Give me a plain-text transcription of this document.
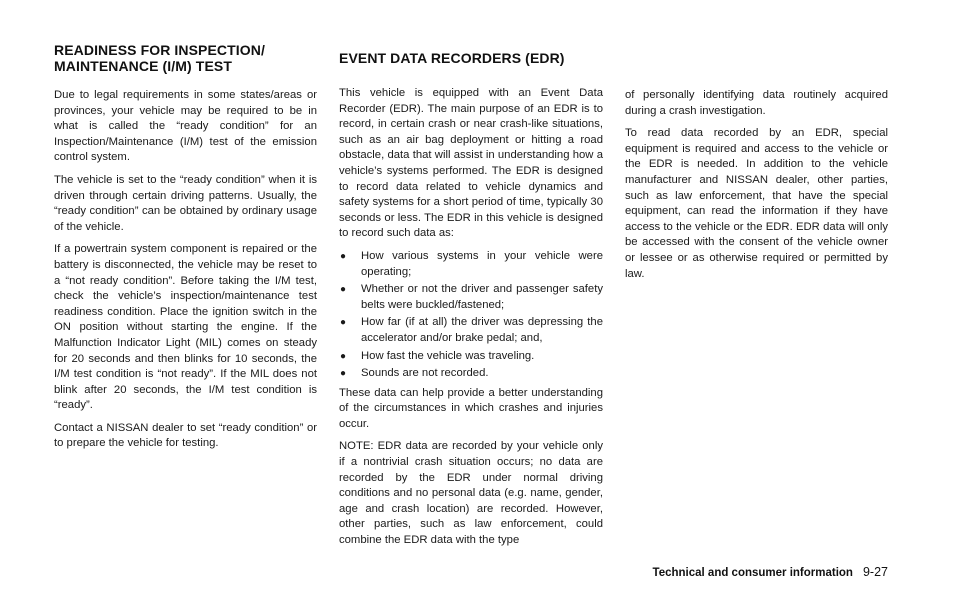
READINESS FOR INSPECTION/
MAINTENANCE (I/M) TEST

Due to legal requirements in some states/areas or provinces, your vehicle may be required to be in what is called the “ready condition” for an Inspection/Maintenance (I/M) test of the emission control system.

The vehicle is set to the “ready condition” when it is driven through certain driving patterns. Usually, the “ready condition” can be obtained by ordinary usage of the vehicle.

If a powertrain system component is repaired or the battery is disconnected, the vehicle may be reset to a “not ready condition”. Before taking the I/M test, check the vehicle’s inspection/maintenance test readiness condition. Place the ignition switch in the ON position without starting the engine. If the Malfunction Indicator Light (MIL) comes on steady for 20 seconds and then blinks for 10 seconds, the I/M test condition is “not ready”. If the MIL does not blink after 20 seconds, the I/M test condition is “ready”.

Contact a NISSAN dealer to set “ready condition” or to prepare the vehicle for testing.

EVENT DATA RECORDERS (EDR)

This vehicle is equipped with an Event Data Recorder (EDR). The main purpose of an EDR is to record, in certain crash or near crash-like situations, such as an air bag deployment or hitting a road obstacle, data that will assist in understanding how a vehicle’s systems performed. The EDR is designed to record data related to vehicle dynamics and safety systems for a short period of time, typically 30 seconds or less. The EDR in this vehicle is designed to record such data as:

● How various systems in your vehicle were operating;
● Whether or not the driver and passenger safety belts were buckled/fastened;
● How far (if at all) the driver was depressing the accelerator and/or brake pedal; and,
● How fast the vehicle was traveling.
● Sounds are not recorded.

These data can help provide a better understanding of the circumstances in which crashes and injuries occur.

NOTE: EDR data are recorded by your vehicle only if a nontrivial crash situation occurs; no data are recorded by the EDR under normal driving conditions and no personal data (e.g. name, gender, age and crash location) are recorded. However, other parties, such as law enforcement, could combine the EDR data with the type

of personally identifying data routinely acquired during a crash investigation.

To read data recorded by an EDR, special equipment is required and access to the vehicle or the EDR is needed. In addition to the vehicle manufacturer and NISSAN dealer, other parties, such as law enforcement, that have the special equipment, can read the information if they have access to the vehicle or the EDR. EDR data will only be accessed with the consent of the vehicle owner or lessee or as otherwise required or permitted by law.

Technical and consumer information 9-27
